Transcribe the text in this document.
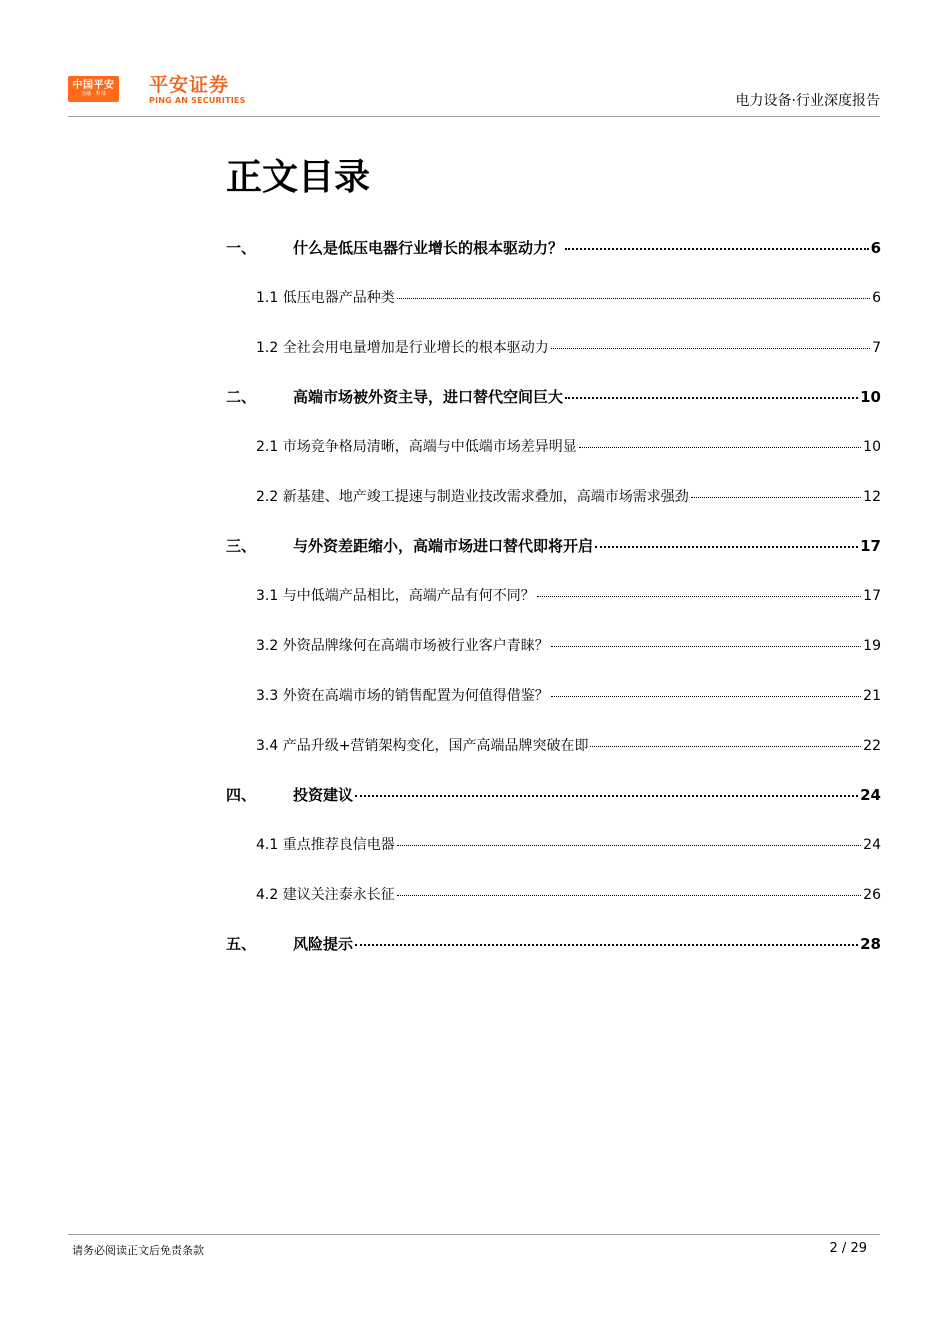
中国平安
金融 · 科技 平安证券
PING AN SECURITIES	电力设备·行业深度报告
正文目录
一、	什么是低压电器行业增长的根本驱动力？	6
1.1 低压电器产品种类	6
1.2 全社会用电量增加是行业增长的根本驱动力	7
二、	高端市场被外资主导，进口替代空间巨大	10
2.1 市场竞争格局清晰，高端与中低端市场差异明显	10
2.2 新基建、地产竣工提速与制造业技改需求叠加，高端市场需求强劲	12
三、	与外资差距缩小，高端市场进口替代即将开启	17
3.1 与中低端产品相比，高端产品有何不同？	17
3.2 外资品牌缘何在高端市场被行业客户青睐？	19
3.3 外资在高端市场的销售配置为何值得借鉴？	21
3.4 产品升级+营销架构变化，国产高端品牌突破在即	22
四、	投资建议	24
4.1 重点推荐良信电器	24
4.2 建议关注泰永长征	26
五、	风险提示	28
请务必阅读正文后免责条款	2 / 29
